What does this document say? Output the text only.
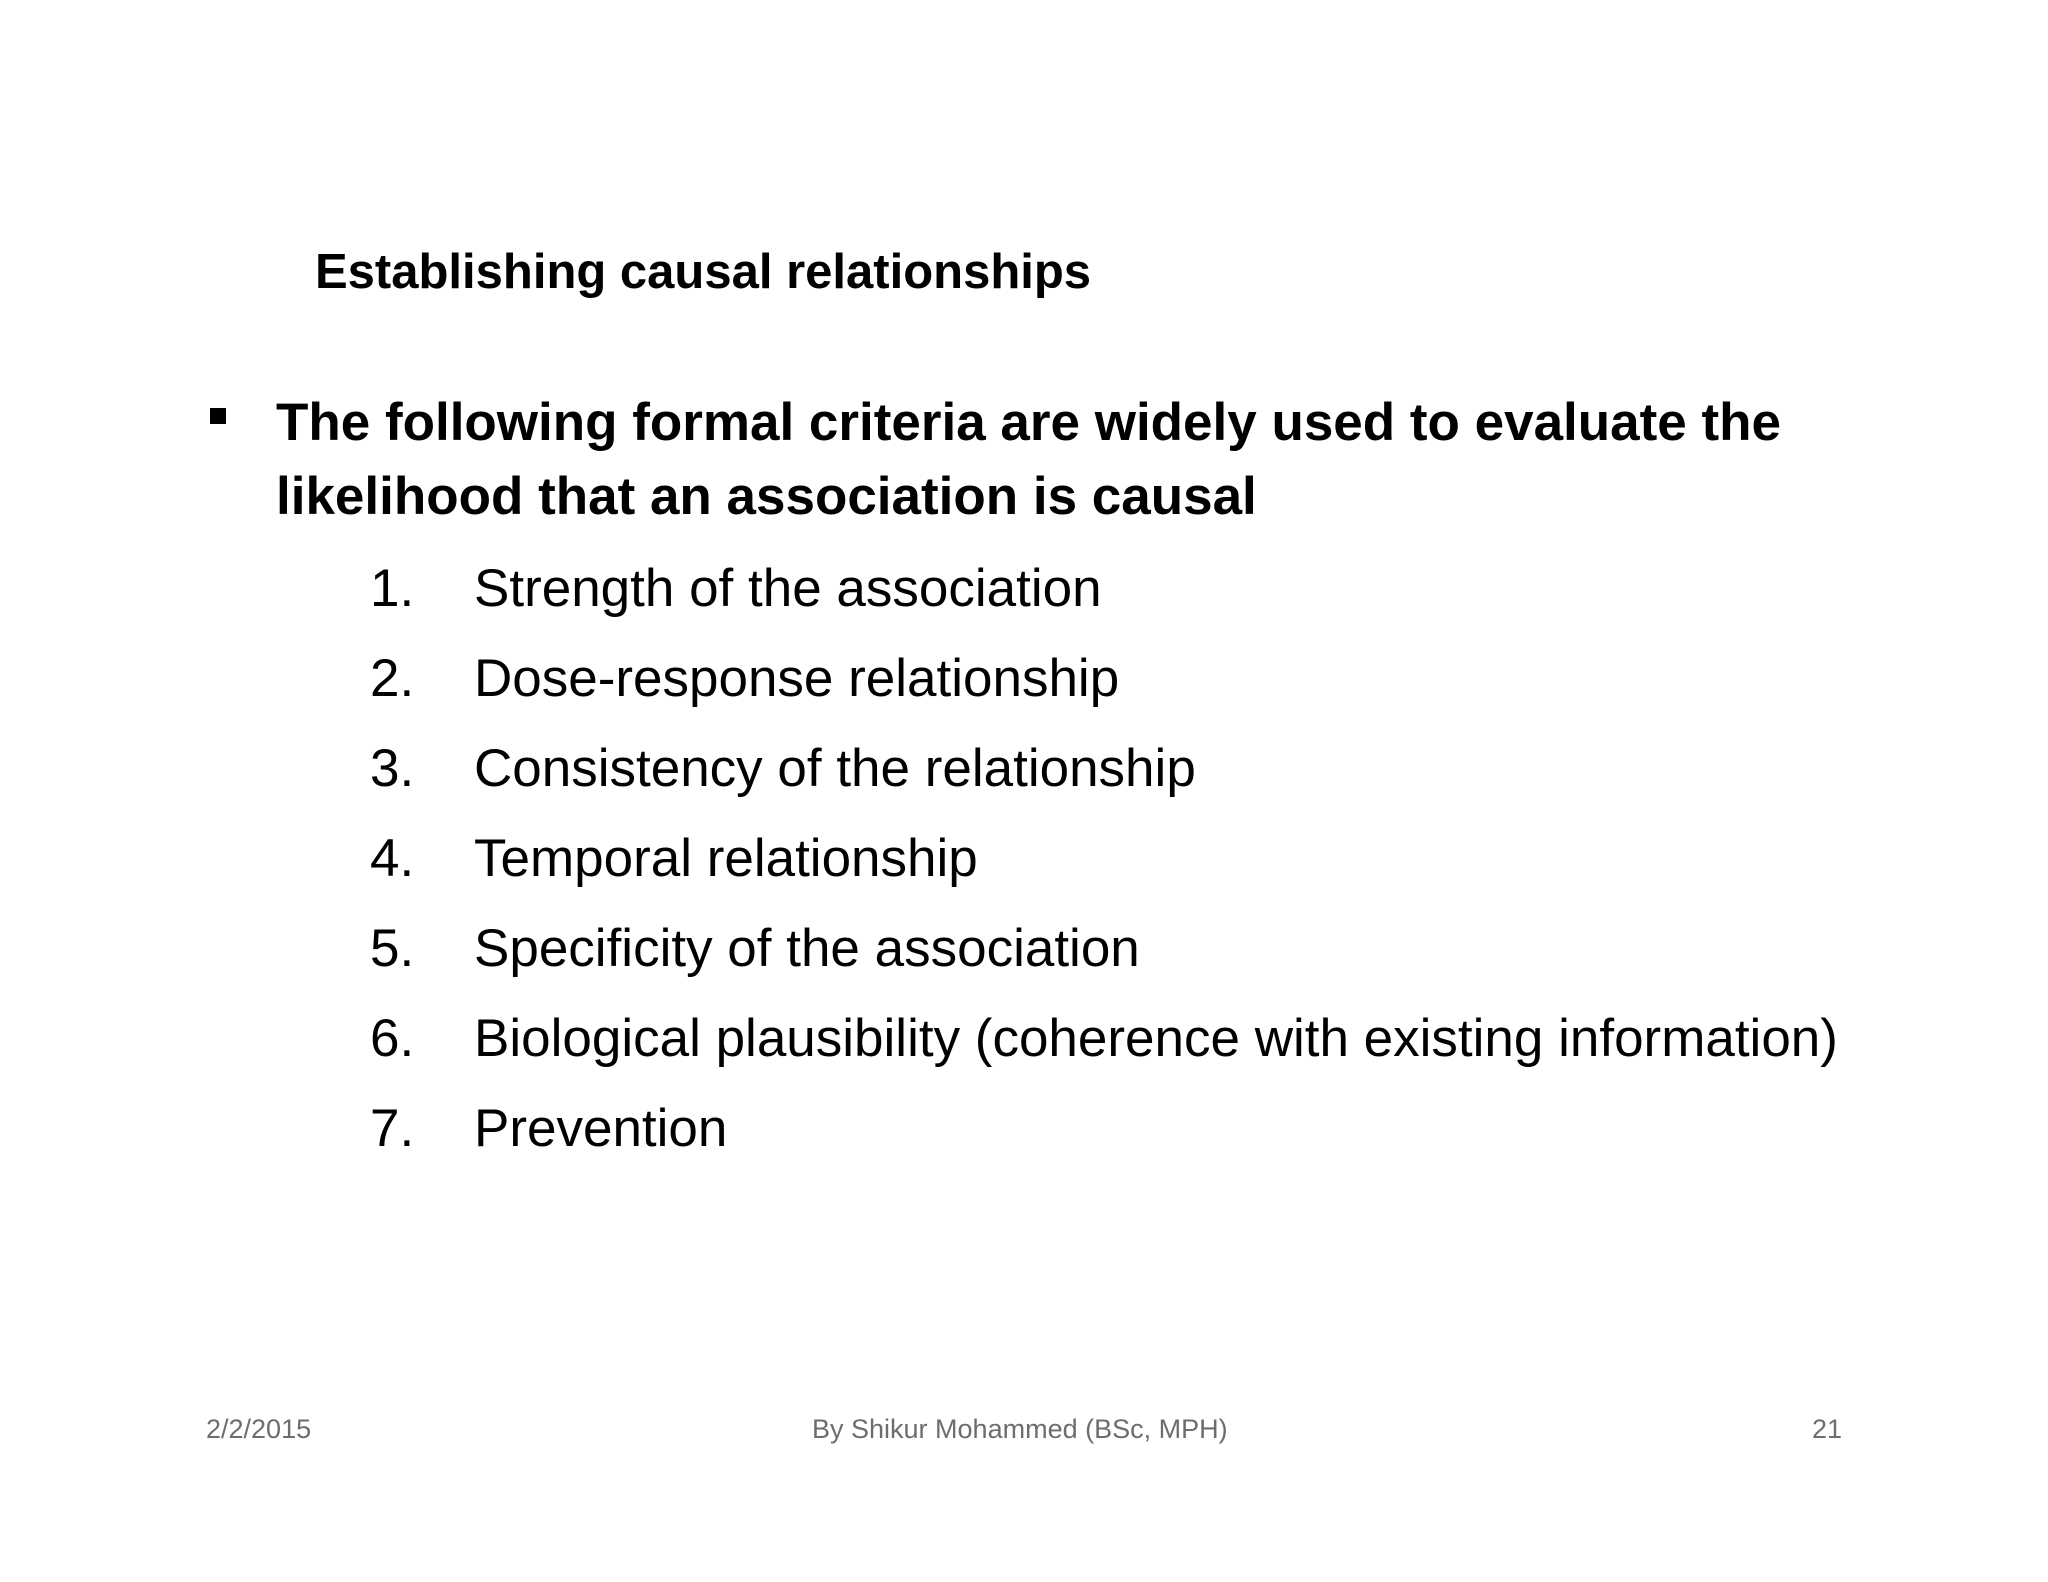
Establishing causal relationships
The following formal criteria are widely used to evaluate the likelihood that an association is causal
1.	Strength of the association
2.	Dose-response relationship
3.	Consistency of the relationship
4.	Temporal relationship
5.	Specificity of the association
6.	Biological plausibility (coherence with existing information)
7.	Prevention
2/2/2015	By Shikur Mohammed (BSc, MPH)	21
